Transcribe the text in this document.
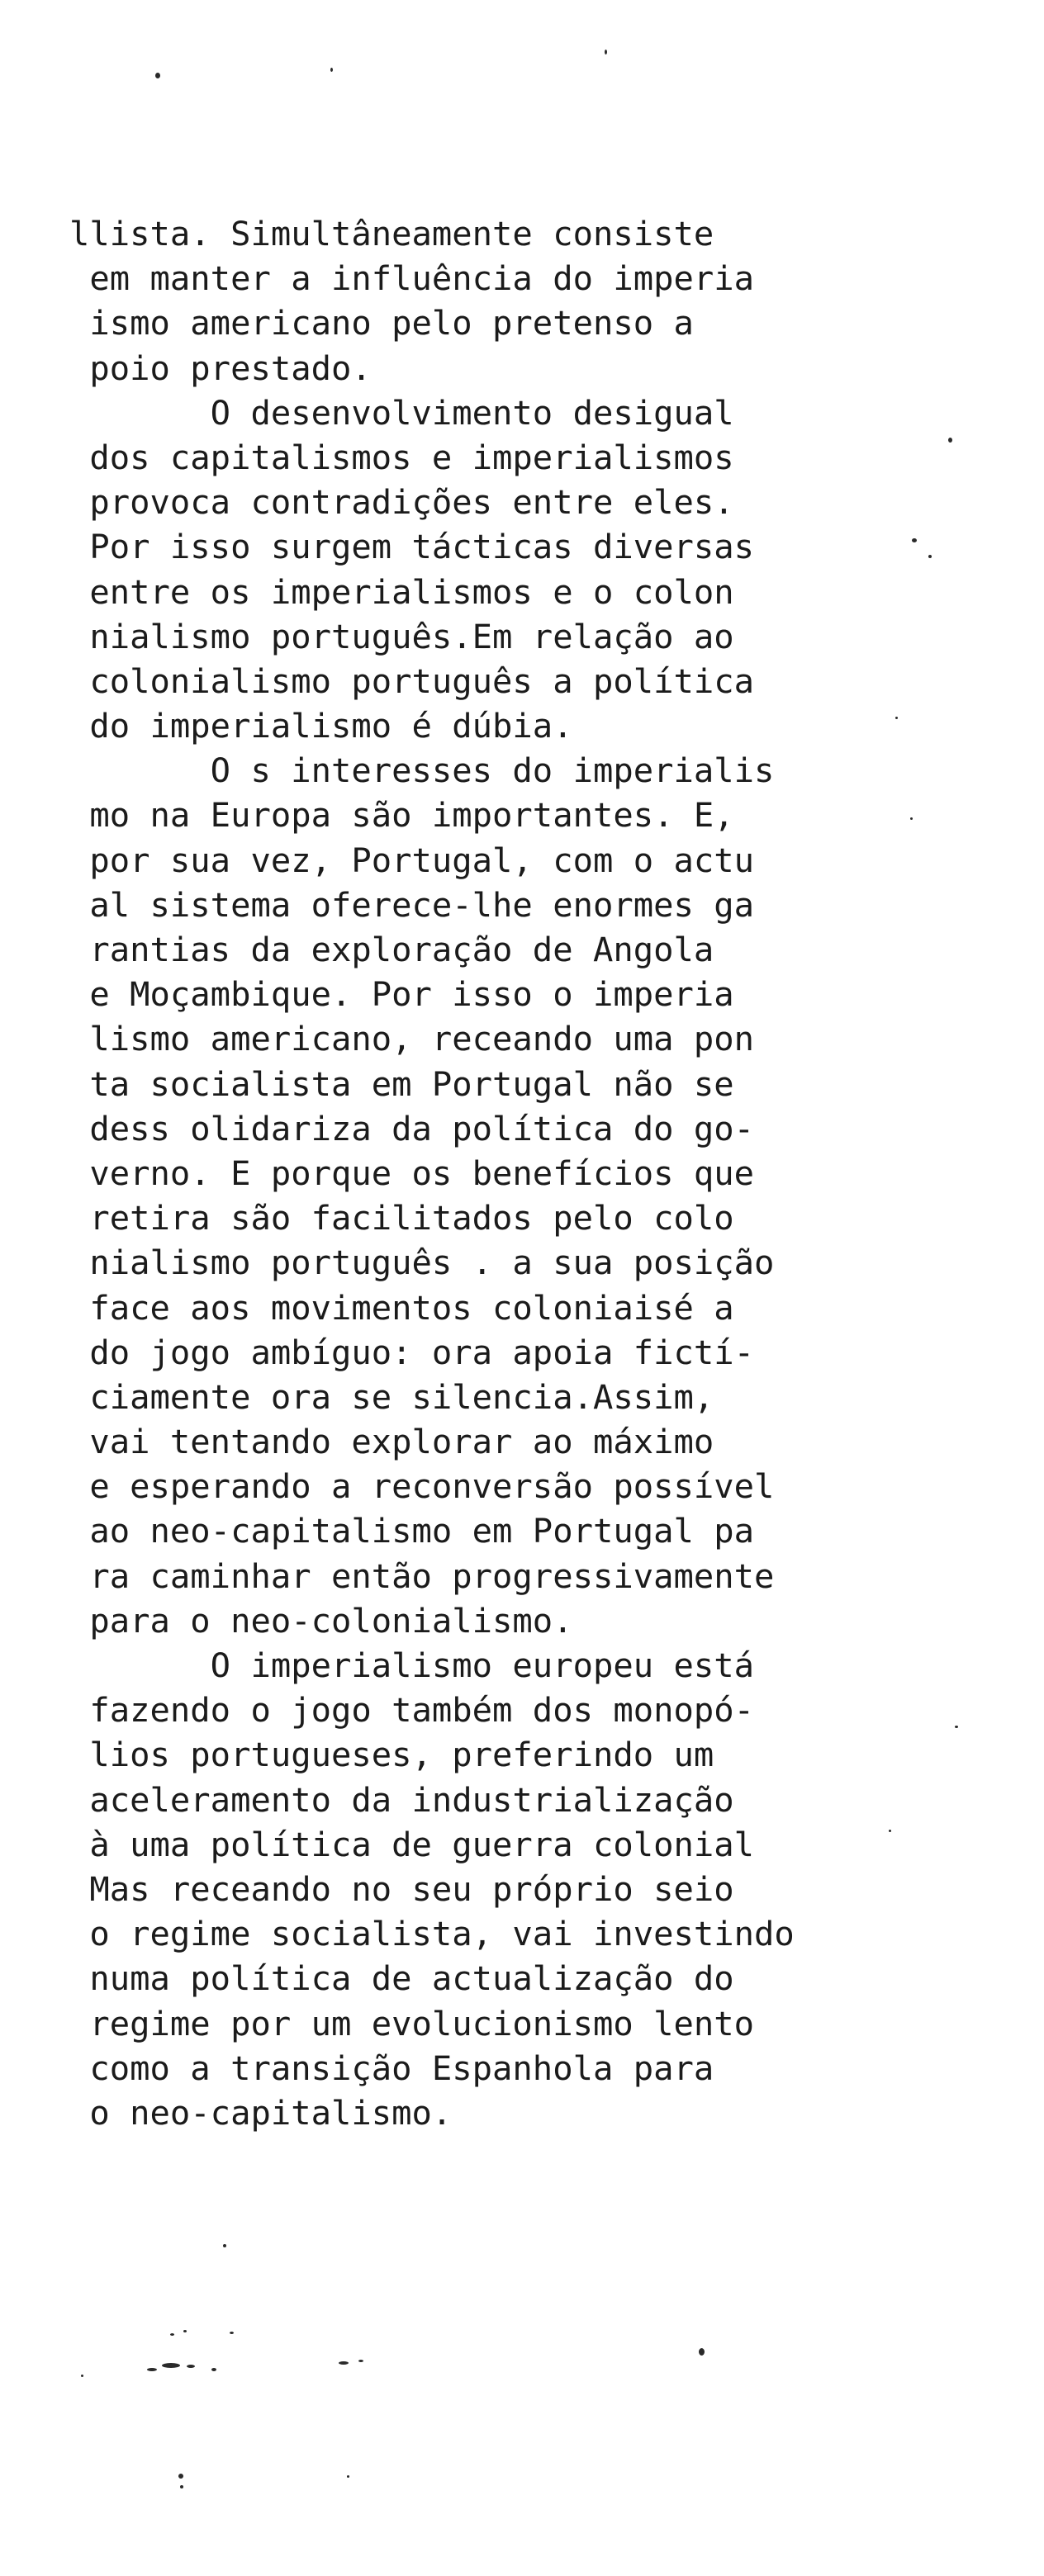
llista. Simultâneamente consiste
em manter a influência do imperia
ismo americano pelo pretenso a
poio prestado.
O desenvolvimento desigual
dos capitalismos e imperialismos
provoca contradições entre eles.
Por isso surgem tácticas diversas
entre os imperialismos e o colon
nialismo português.Em relação ao
colonialismo português a política
do imperialismo é dúbia.
O s interesses do imperialis
mo na Europa são importantes. E,
por sua vez, Portugal, com o actu
al sistema oferece-lhe enormes ga
rantias da exploração de Angola
e Moçambique. Por isso o imperia
lismo americano, receando uma pon
ta socialista em Portugal não se
dess olidariza da política do go-
verno. E porque os benefícios que
retira são facilitados pelo colo
nialismo português . a sua posição
face aos movimentos coloniaisé a
do jogo ambíguo: ora apoia fictí-
ciamente ora se silencia.Assim,
vai tentando explorar ao máximo
e esperando a reconversão possível
ao neo-capitalismo em Portugal pa
ra caminhar então progressivamente
para o neo-colonialismo.
O imperialismo europeu está
fazendo o jogo também dos monopó-
lios portugueses, preferindo um
aceleramento da industrialização
à uma política de guerra colonial
Mas receando no seu próprio seio
o regime socialista, vai investindo
numa política de actualização do
regime por um evolucionismo lento
como a transição Espanhola para
o neo-capitalismo.
